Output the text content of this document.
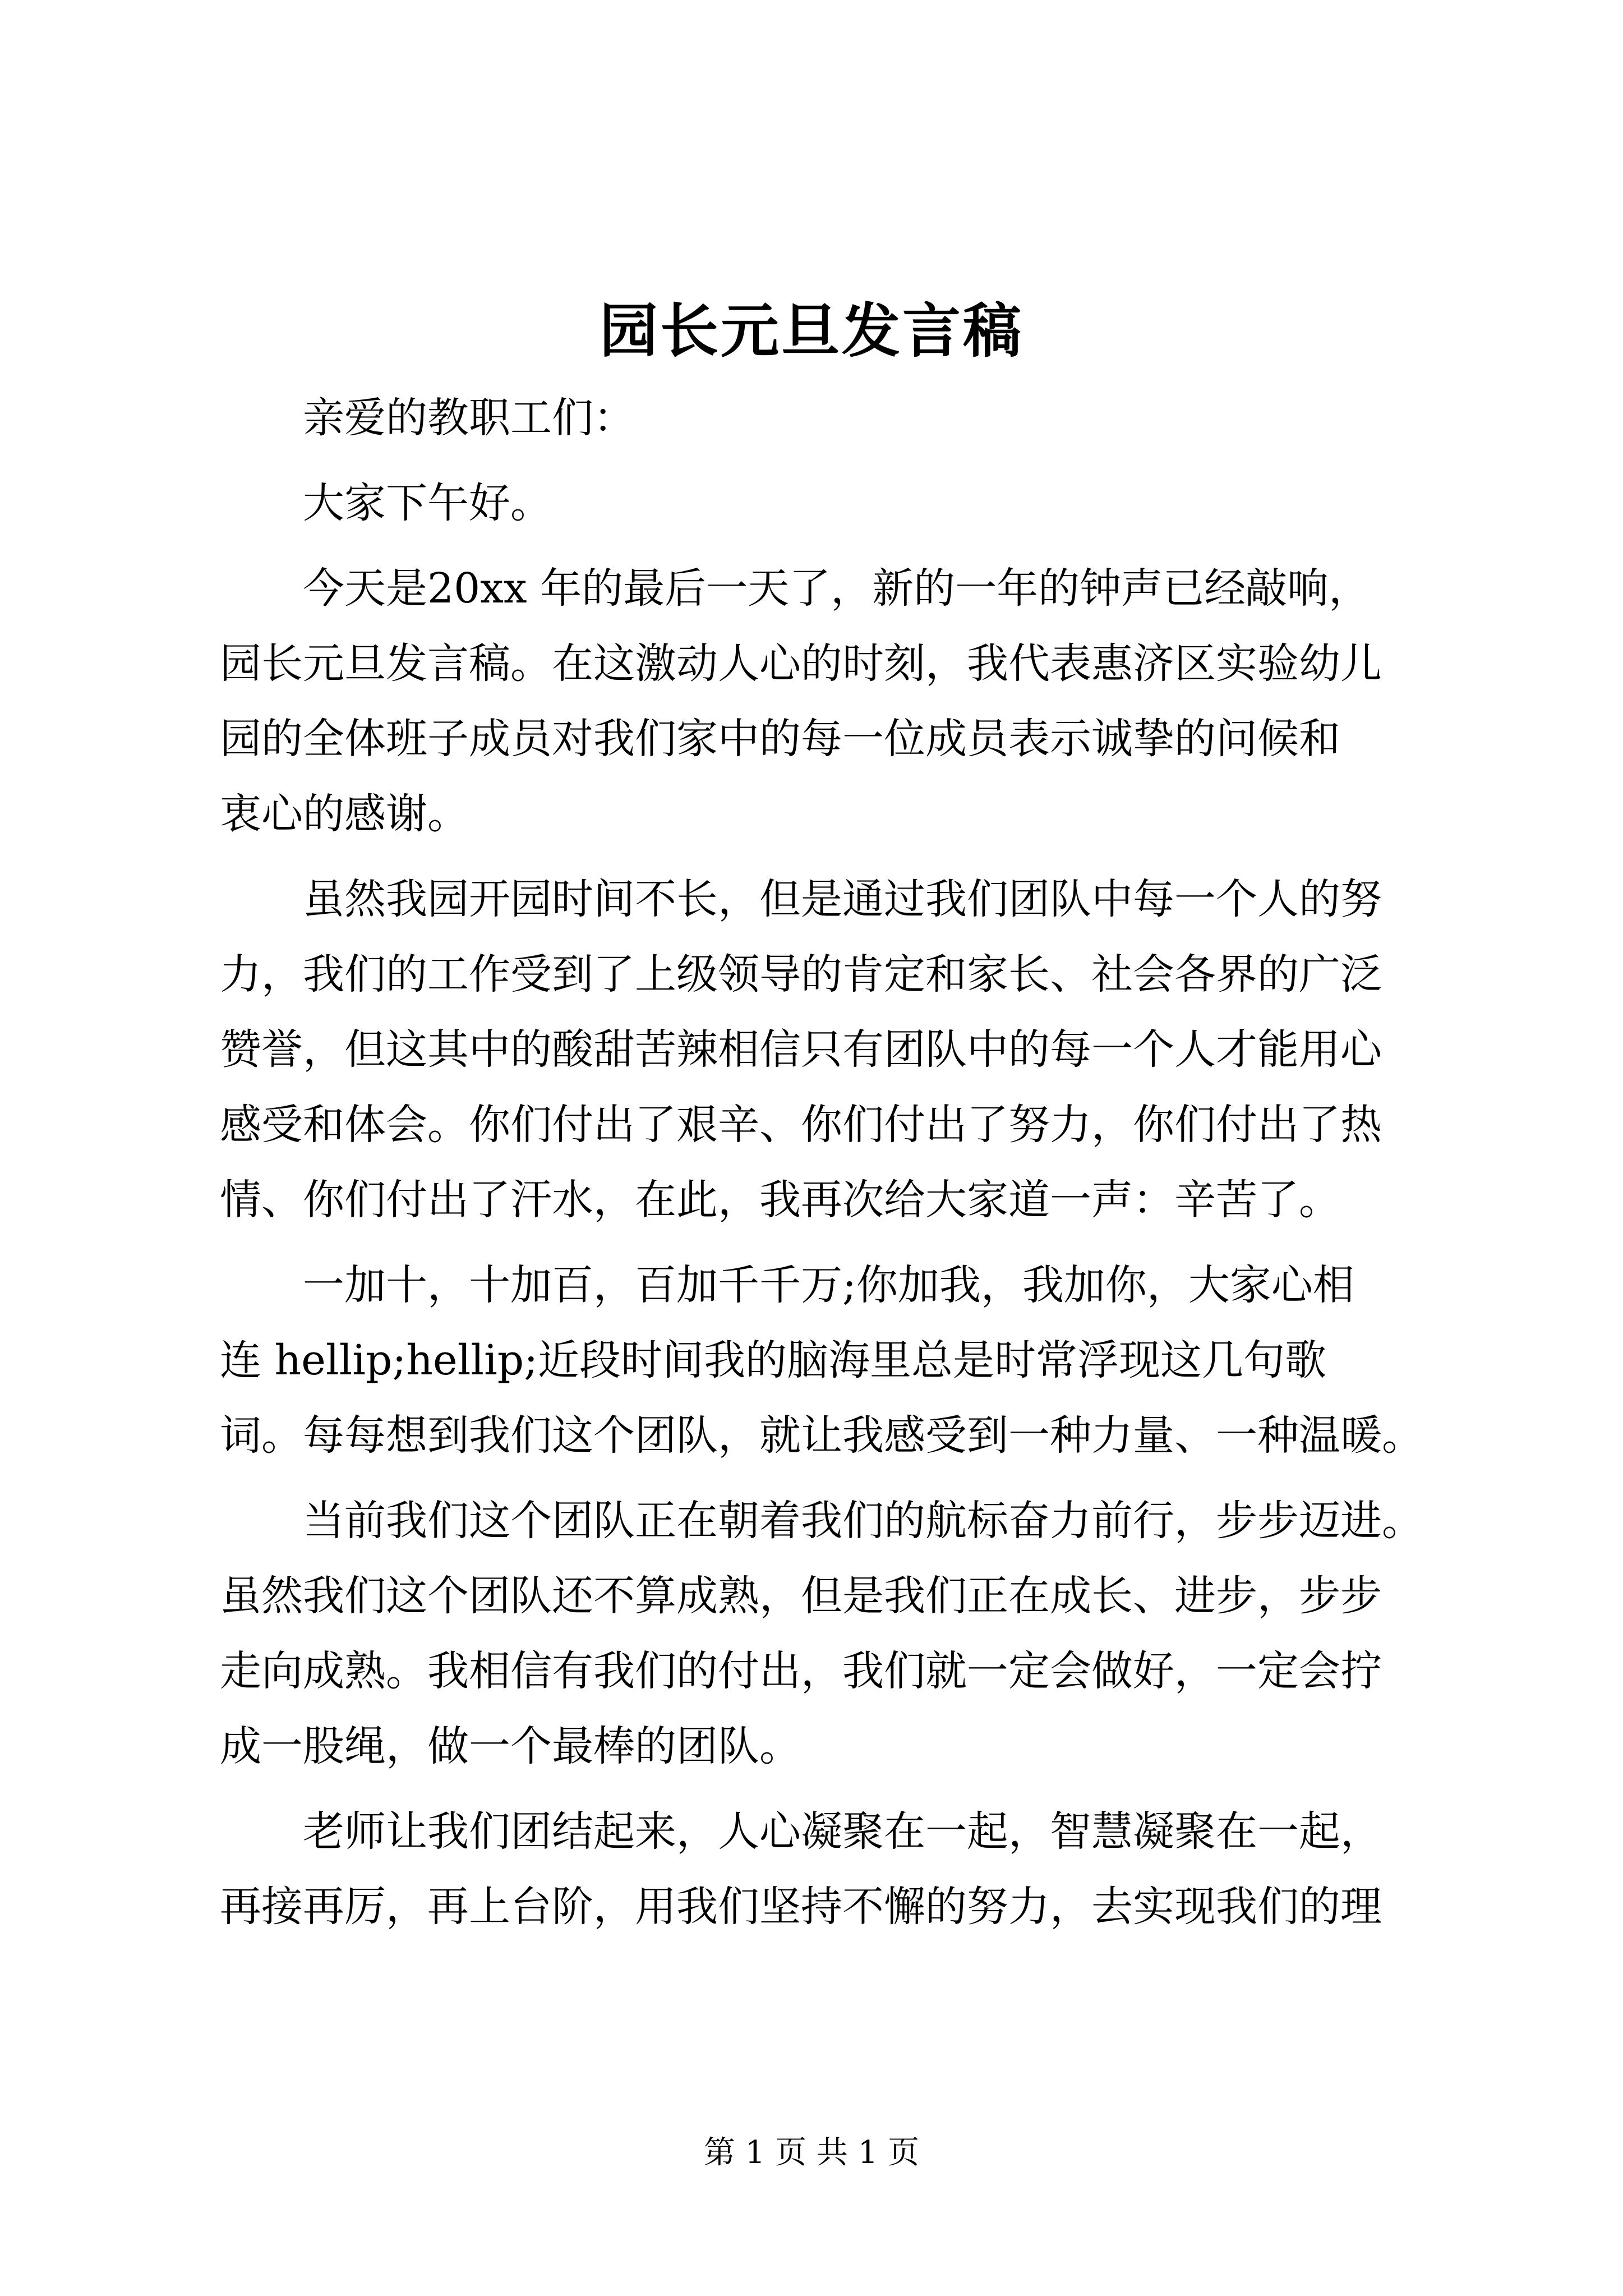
园长元旦发言稿

亲爱的教职工们：

大家下午好。

今天是20xx 年的最后一天了，新的一年的钟声已经敲响，
园长元旦发言稿。在这激动人心的时刻，我代表惠济区实验幼儿
园的全体班子成员对我们家中的每一位成员表示诚挚的问候和
衷心的感谢。

虽然我园开园时间不长，但是通过我们团队中每一个人的努
力，我们的工作受到了上级领导的肯定和家长、社会各界的广泛
赞誉，但这其中的酸甜苦辣相信只有团队中的每一个人才能用心
感受和体会。你们付出了艰辛、你们付出了努力，你们付出了热
情、你们付出了汗水，在此，我再次给大家道一声：辛苦了。

一加十，十加百，百加千千万;你加我，我加你，大家心相
连 hellip;hellip;近段时间我的脑海里总是时常浮现这几句歌
词。每每想到我们这个团队，就让我感受到一种力量、一种温暖。

当前我们这个团队正在朝着我们的航标奋力前行，步步迈进。
虽然我们这个团队还不算成熟，但是我们正在成长、进步，步步
走向成熟。我相信有我们的付出，我们就一定会做好，一定会拧
成一股绳，做一个最棒的团队。

老师让我们团结起来，人心凝聚在一起，智慧凝聚在一起，
再接再厉，再上台阶，用我们坚持不懈的努力，去实现我们的理

第 1 页 共 1 页
